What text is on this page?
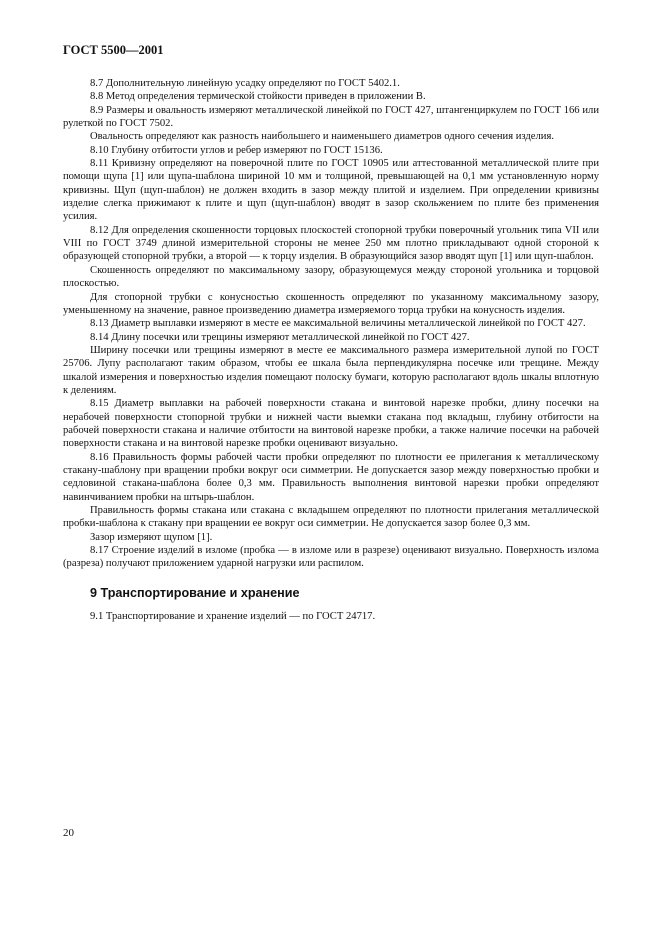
ГОСТ 5500—2001

8.7 Дополнительную линейную усадку определяют по ГОСТ 5402.1.

8.8 Метод определения термической стойкости приведен в приложении В.

8.9 Размеры и овальность измеряют металлической линейкой по ГОСТ 427, штангенциркулем по ГОСТ 166 или рулеткой по ГОСТ 7502.

Овальность определяют как разность наибольшего и наименьшего диаметров одного сечения изделия.

8.10 Глубину отбитости углов и ребер измеряют по ГОСТ 15136.

8.11 Кривизну определяют на поверочной плите по ГОСТ 10905 или аттестованной металлической плите при помощи щупа [1] или щупа-шаблона шириной 10 мм и толщиной, превышающей на 0,1 мм установленную норму кривизны. Щуп (щуп-шаблон) не должен входить в зазор между плитой и изделием. При определении кривизны изделие слегка прижимают к плите и щуп (щуп-шаблон) вводят в зазор скольжением по плите без применения усилия.

8.12 Для определения скошенности торцовых плоскостей стопорной трубки поверочный угольник типа VII или VIII по ГОСТ 3749 длиной измерительной стороны не менее 250 мм плотно прикладывают одной стороной к образующей стопорной трубки, а второй — к торцу изделия. В образующийся зазор вводят щуп [1] или щуп-шаблон.

Скошенность определяют по максимальному зазору, образующемуся между стороной угольника и торцовой плоскостью.

Для стопорной трубки с конусностью скошенность определяют по указанному максимальному зазору, уменьшенному на значение, равное произведению диаметра измеряемого торца трубки на конусность изделия.

8.13 Диаметр выплавки измеряют в месте ее максимальной величины металлической линейкой по ГОСТ 427.

8.14 Длину посечки или трещины измеряют металлической линейкой по ГОСТ 427.

Ширину посечки или трещины измеряют в месте ее максимального размера измерительной лупой по ГОСТ 25706. Лупу располагают таким образом, чтобы ее шкала была перпендикулярна посечке или трещине. Между шкалой измерения и поверхностью изделия помещают полоску бумаги, которую располагают вдоль шкалы вплотную к делениям.

8.15 Диаметр выплавки на рабочей поверхности стакана и винтовой нарезке пробки, длину посечки на нерабочей поверхности стопорной трубки и нижней части выемки стакана под вкладыш, глубину отбитости на рабочей поверхности стакана и наличие отбитости на винтовой нарезке пробки, а также наличие посечки на рабочей поверхности стакана и на винтовой нарезке пробки оценивают визуально.

8.16 Правильность формы рабочей части пробки определяют по плотности ее прилегания к металлическому стакану-шаблону при вращении пробки вокруг оси симметрии. Не допускается зазор между поверхностью пробки и седловиной стакана-шаблона более 0,3 мм. Правильность выполнения винтовой нарезки пробки определяют навинчиванием пробки на штырь-шаблон.

Правильность формы стакана или стакана с вкладышем определяют по плотности прилегания металлической пробки-шаблона к стакану при вращении ее вокруг оси симметрии. Не допускается зазор более 0,3 мм.

Зазор измеряют щупом [1].

8.17 Строение изделий в изломе (пробка — в изломе или в разрезе) оценивают визуально. Поверхность излома (разреза) получают приложением ударной нагрузки или распилом.

9 Транспортирование и хранение

9.1 Транспортирование и хранение изделий — по ГОСТ 24717.

20
